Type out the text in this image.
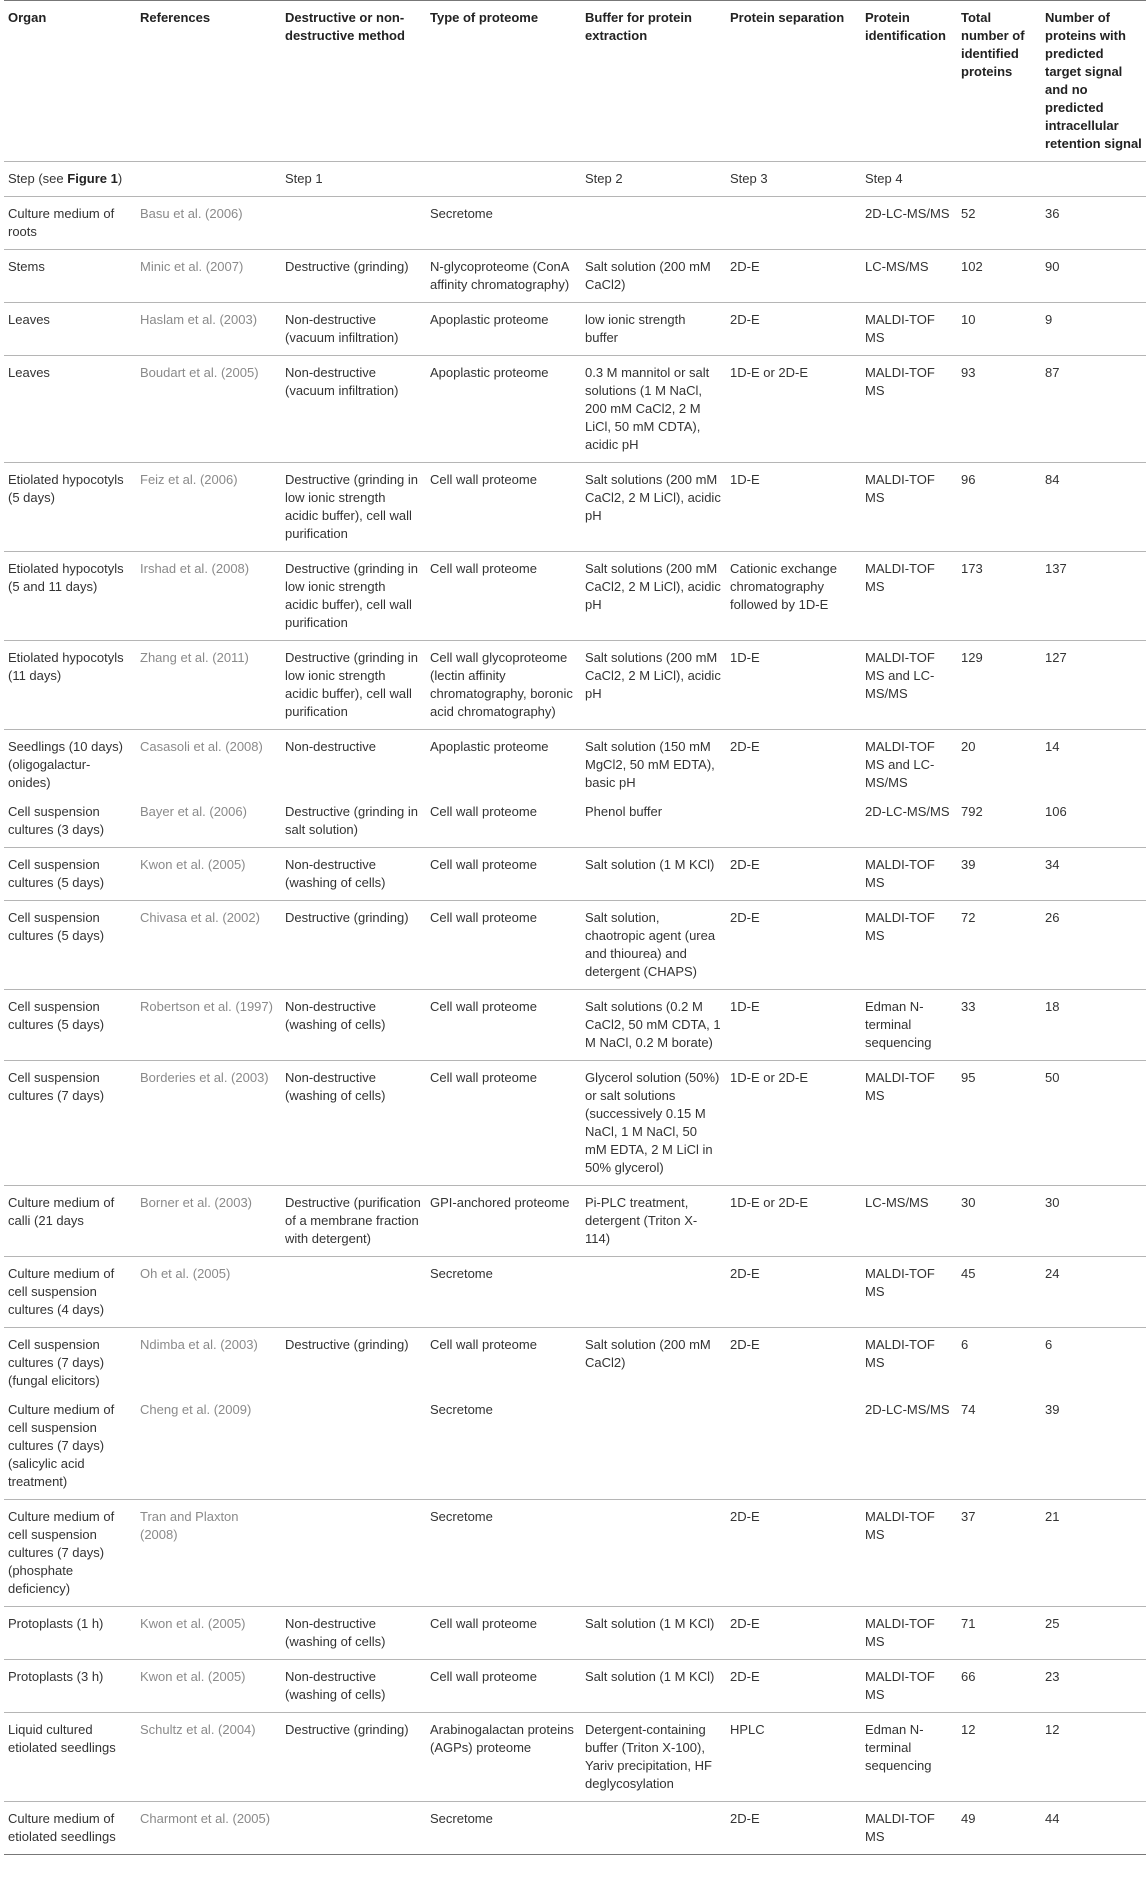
Organ	References	Destructive or non-destructive method	Type of proteome	Buffer for protein extraction	Protein separation	Protein identification	Total number of identified proteins	Number of proteins with predicted target signal and no predicted intracellular retention signal
Step (see Figure 1)		Step 1		Step 2	Step 3	Step 4		
Culture medium of roots	Basu et al. (2006)		Secretome			2D-LC-MS/MS	52	36
Stems	Minic et al. (2007)	Destructive (grinding)	N-glycoproteome (ConA affinity chromatography)	Salt solution (200 mM CaCl2)	2D-E	LC-MS/MS	102	90
Leaves	Haslam et al. (2003)	Non-destructive (vacuum infiltration)	Apoplastic proteome	low ionic strength buffer	2D-E	MALDI-TOF MS	10	9
Leaves	Boudart et al. (2005)	Non-destructive (vacuum infiltration)	Apoplastic proteome	0.3 M mannitol or salt solutions (1 M NaCl, 200 mM CaCl2, 2 M LiCl, 50 mM CDTA), acidic pH	1D-E or 2D-E	MALDI-TOF MS	93	87
Etiolated hypocotyls (5 days)	Feiz et al. (2006)	Destructive (grinding in low ionic strength acidic buffer), cell wall purification	Cell wall proteome	Salt solutions (200 mM CaCl2, 2 M LiCl), acidic pH	1D-E	MALDI-TOF MS	96	84
Etiolated hypocotyls (5 and 11 days)	Irshad et al. (2008)	Destructive (grinding in low ionic strength acidic buffer), cell wall purification	Cell wall proteome	Salt solutions (200 mM CaCl2, 2 M LiCl), acidic pH	Cationic exchange chromatography followed by 1D-E	MALDI-TOF MS	173	137
Etiolated hypocotyls (11 days)	Zhang et al. (2011)	Destructive (grinding in low ionic strength acidic buffer), cell wall purification	Cell wall glycoproteome (lectin affinity chromatography, boronic acid chromatography)	Salt solutions (200 mM CaCl2, 2 M LiCl), acidic pH	1D-E	MALDI-TOF MS and LC-MS/MS	129	127
Seedlings (10 days) (oligogalactur-onides)	Casasoli et al. (2008)	Non-destructive	Apoplastic proteome	Salt solution (150 mM MgCl2, 50 mM EDTA), basic pH	2D-E	MALDI-TOF MS and LC-MS/MS	20	14
Cell suspension cultures (3 days)	Bayer et al. (2006)	Destructive (grinding in salt solution)	Cell wall proteome	Phenol buffer		2D-LC-MS/MS	792	106
Cell suspension cultures (5 days)	Kwon et al. (2005)	Non-destructive (washing of cells)	Cell wall proteome	Salt solution (1 M KCl)	2D-E	MALDI-TOF MS	39	34
Cell suspension cultures (5 days)	Chivasa et al. (2002)	Destructive (grinding)	Cell wall proteome	Salt solution, chaotropic agent (urea and thiourea) and detergent (CHAPS)	2D-E	MALDI-TOF MS	72	26
Cell suspension cultures (5 days)	Robertson et al. (1997)	Non-destructive (washing of cells)	Cell wall proteome	Salt solutions (0.2 M CaCl2, 50 mM CDTA, 1 M NaCl, 0.2 M borate)	1D-E	Edman N-terminal sequencing	33	18
Cell suspension cultures (7 days)	Borderies et al. (2003)	Non-destructive (washing of cells)	Cell wall proteome	Glycerol solution (50%) or salt solutions (successively 0.15 M NaCl, 1 M NaCl, 50 mM EDTA, 2 M LiCl in 50% glycerol)	1D-E or 2D-E	MALDI-TOF MS	95	50
Culture medium of calli (21 days	Borner et al. (2003)	Destructive (purification of a membrane fraction with detergent)	GPI-anchored proteome	Pi-PLC treatment, detergent (Triton X-114)	1D-E or 2D-E	LC-MS/MS	30	30
Culture medium of cell suspension cultures (4 days)	Oh et al. (2005)		Secretome		2D-E	MALDI-TOF MS	45	24
Cell suspension cultures (7 days) (fungal elicitors)	Ndimba et al. (2003)	Destructive (grinding)	Cell wall proteome	Salt solution (200 mM CaCl2)	2D-E	MALDI-TOF MS	6	6
Culture medium of cell suspension cultures (7 days) (salicylic acid treatment)	Cheng et al. (2009)		Secretome			2D-LC-MS/MS	74	39
Culture medium of cell suspension cultures (7 days) (phosphate deficiency)	Tran and Plaxton (2008)		Secretome		2D-E	MALDI-TOF MS	37	21
Protoplasts (1 h)	Kwon et al. (2005)	Non-destructive (washing of cells)	Cell wall proteome	Salt solution (1 M KCl)	2D-E	MALDI-TOF MS	71	25
Protoplasts (3 h)	Kwon et al. (2005)	Non-destructive (washing of cells)	Cell wall proteome	Salt solution (1 M KCl)	2D-E	MALDI-TOF MS	66	23
Liquid cultured etiolated seedlings	Schultz et al. (2004)	Destructive (grinding)	Arabinogalactan proteins (AGPs) proteome	Detergent-containing buffer (Triton X-100), Yariv precipitation, HF deglycosylation	HPLC	Edman N-terminal sequencing	12	12
Culture medium of etiolated seedlings	Charmont et al. (2005)		Secretome		2D-E	MALDI-TOF MS	49	44
